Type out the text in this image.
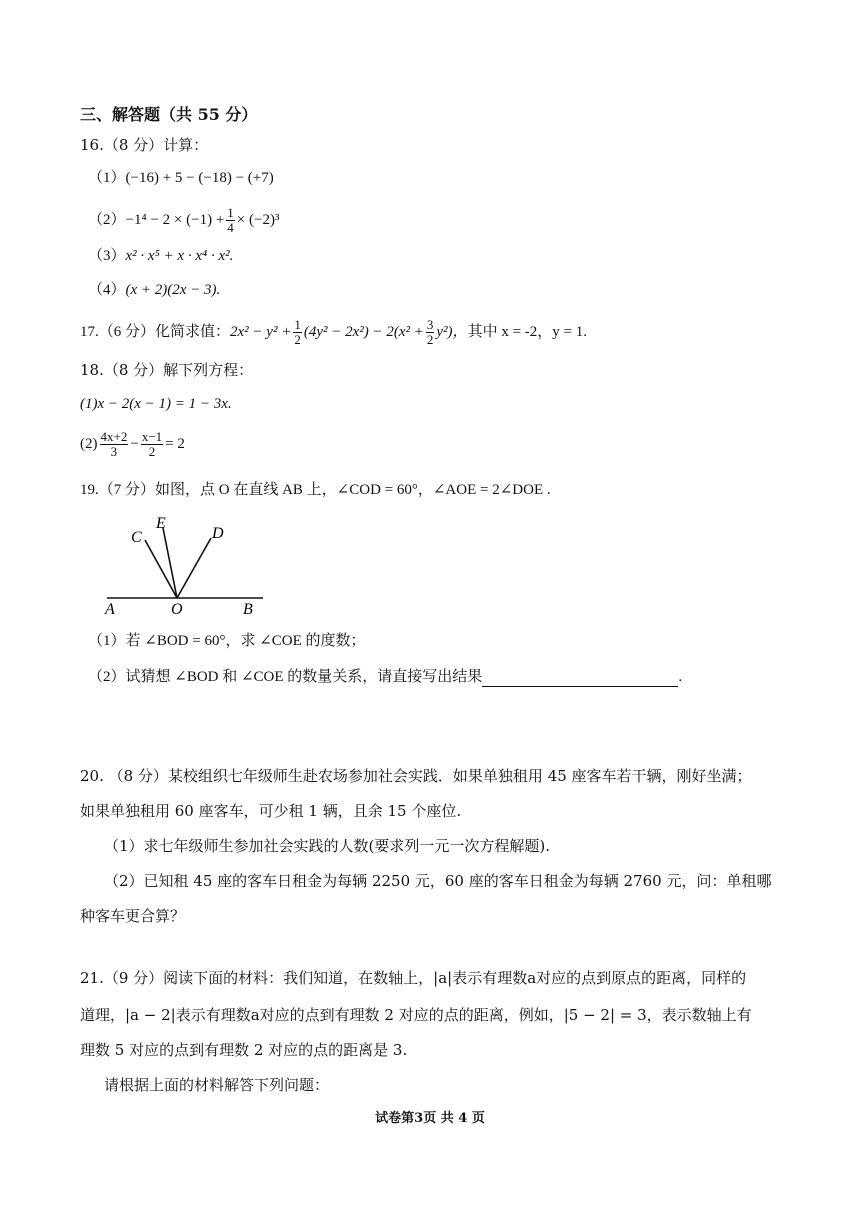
三、解答题（共 55 分）
16.（8 分）计算：
（1）(−16) + 5 − (−18) − (+7)
$(2)-1^4 - 2 \times (-1) + \frac{1}{4} \times (-2)^3$
（3）x² · x⁵ + x · x⁴ · x².
（4）(x + 2)(2x − 3).
17.（6 分）化简求值：$2x^2 - y^2 + \frac{1}{2} (4y^2 - 2x^2) - 2(x^2 + \frac{3}{2} y^2)$，其中 x = -2，y = 1.
18.（8 分）解下列方程：
(1)x − 2(x − 1) = 1 − 3x.
$(2) \frac{4x+2}{3} - \frac{x-1}{2} = 2$
19.（7 分）如图，点 O 在直线 AB 上，∠COD = 60°，∠AOE = 2∠DOE .
A	O	B
C
E
D
（1）若 ∠BOD = 60°，求 ∠COE 的度数；
（2）试猜想 ∠BOD 和 ∠COE 的数量关系，请直接写出结果	.
20. （8 分）某校组织七年级师生赴农场参加社会实践．如果单独租用 45 座客车若干辆，刚好坐满；
如果单独租用 60 座客车，可少租 1 辆，且余 15 个座位.
（1）求七年级师生参加社会实践的人数(要求列一元一次方程解题).
（2）已知租 45 座的客车日租金为每辆 2250 元，60 座的客车日租金为每辆 2760 元，问：单租哪
种客车更合算？
21.（9 分）阅读下面的材料：我们知道，在数轴上，|a|表示有理数a对应的点到原点的距离，同样的
道理，|a − 2|表示有理数a对应的点到有理数 2 对应的点的距离，例如，|5 − 2| = 3，表示数轴上有
理数 5 对应的点到有理数 2 对应的点的距离是 3.
请根据上面的材料解答下列问题：
试卷第3页 共 4 页
